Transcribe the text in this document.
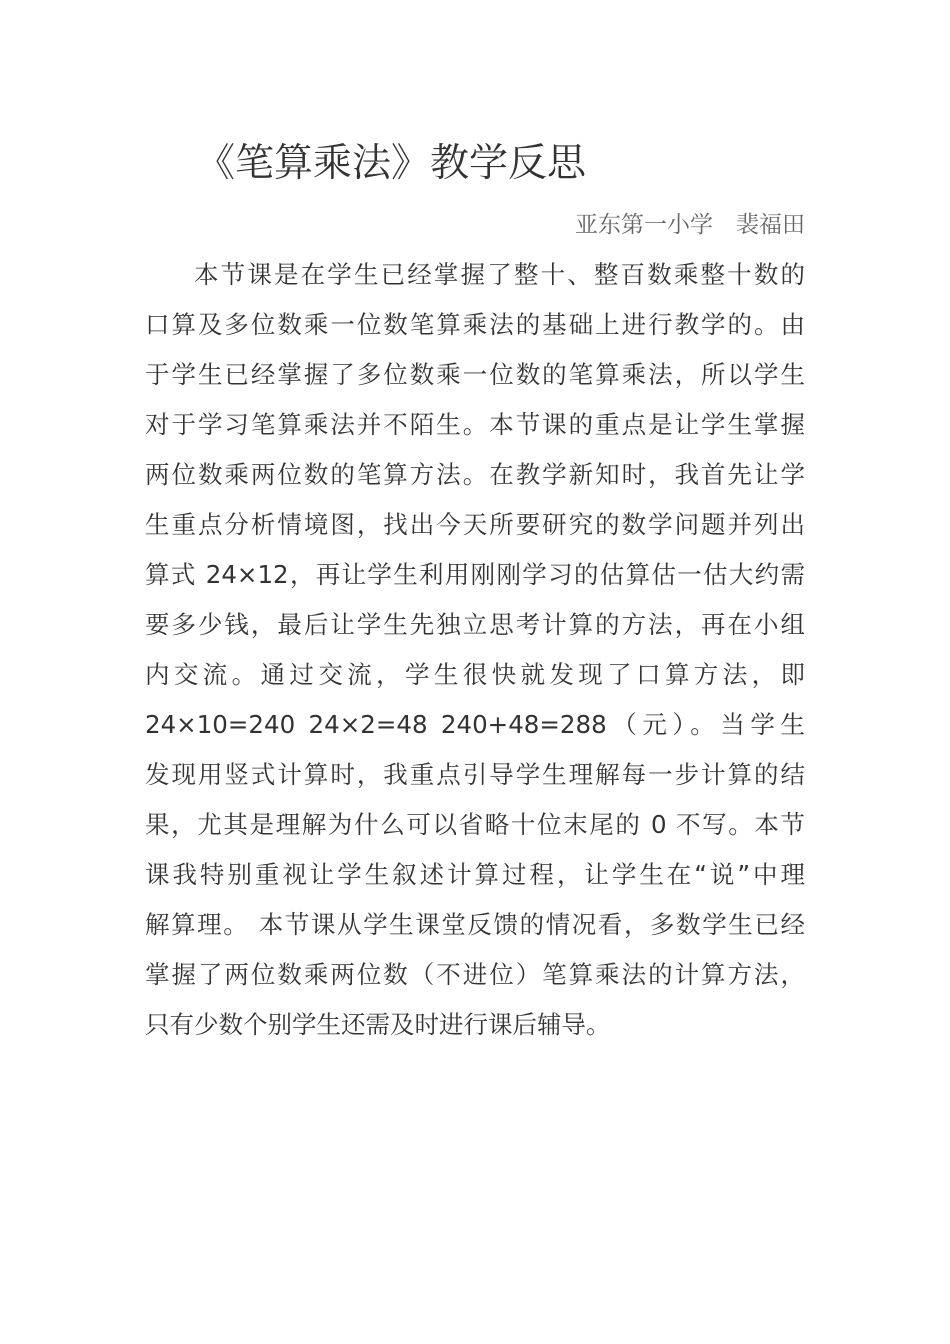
《笔算乘法》教学反思
亚东第一小学　裴福田
本节课是在学生已经掌握了整十、整百数乘整十数的
口算及多位数乘一位数笔算乘法的基础上进行教学的。由
于学生已经掌握了多位数乘一位数的笔算乘法，所以学生
对于学习笔算乘法并不陌生。本节课的重点是让学生掌握
两位数乘两位数的笔算方法。在教学新知时，我首先让学
生重点分析情境图，找出今天所要研究的数学问题并列出
算式 24×12，再让学生利用刚刚学习的估算估一估大约需
要多少钱，最后让学生先独立思考计算的方法，再在小组
内交流。通过交流，学生很快就发现了口算方法，即
24×10=240 24×2=48 240+48=288（元）。当学生
发现用竖式计算时，我重点引导学生理解每一步计算的结
果，尤其是理解为什么可以省略十位末尾的 0 不写。本节
课我特别重视让学生叙述计算过程，让学生在“说”中理
解算理。 本节课从学生课堂反馈的情况看，多数学生已经
掌握了两位数乘两位数（不进位）笔算乘法的计算方法，
只有少数个别学生还需及时进行课后辅导。
